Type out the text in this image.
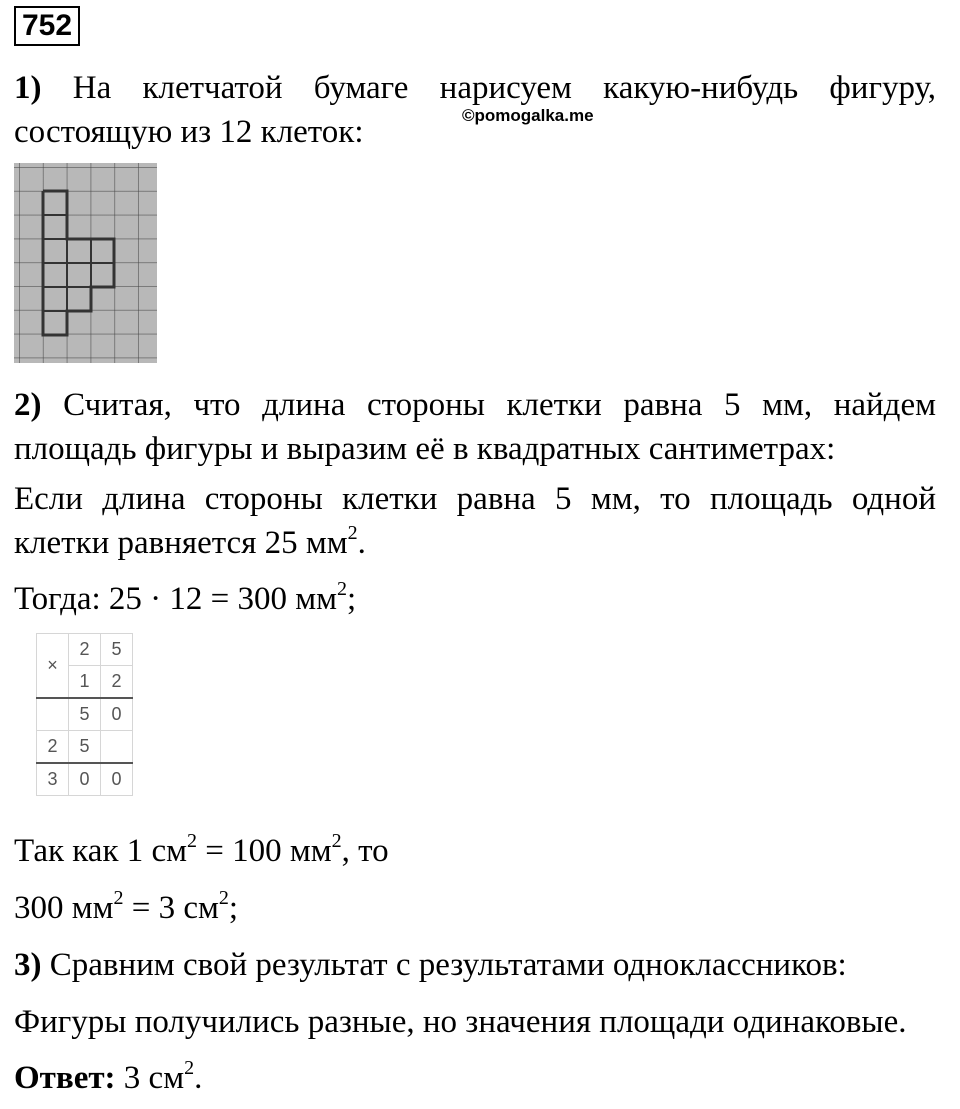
752
1) На клетчатой бумаге нарисуем какую-нибудь фигуру,
состоящую из 12 клеток:	©pomogalka.me
2) Считая, что длина стороны клетки равна 5 мм, найдем площадь фигуры и выразим её в квадратных сантиметрах:
Если длина стороны клетки равна 5 мм, то площадь одной клетки равняется 25 $мм^2$.
Тогда: 25 · 12 = 300 $мм^2$;
×	2	5
	1	2
	5	0
2	5	
3	0	0
Так как 1 $см^2 = 100$ $мм^2$, то
300 $мм^2 = 3$ $см^2$;
3) Сравним свой результат с результатами одноклассников:
Фигуры получились разные, но значения площади одинаковые.
Ответ: 3 $см^2$.
